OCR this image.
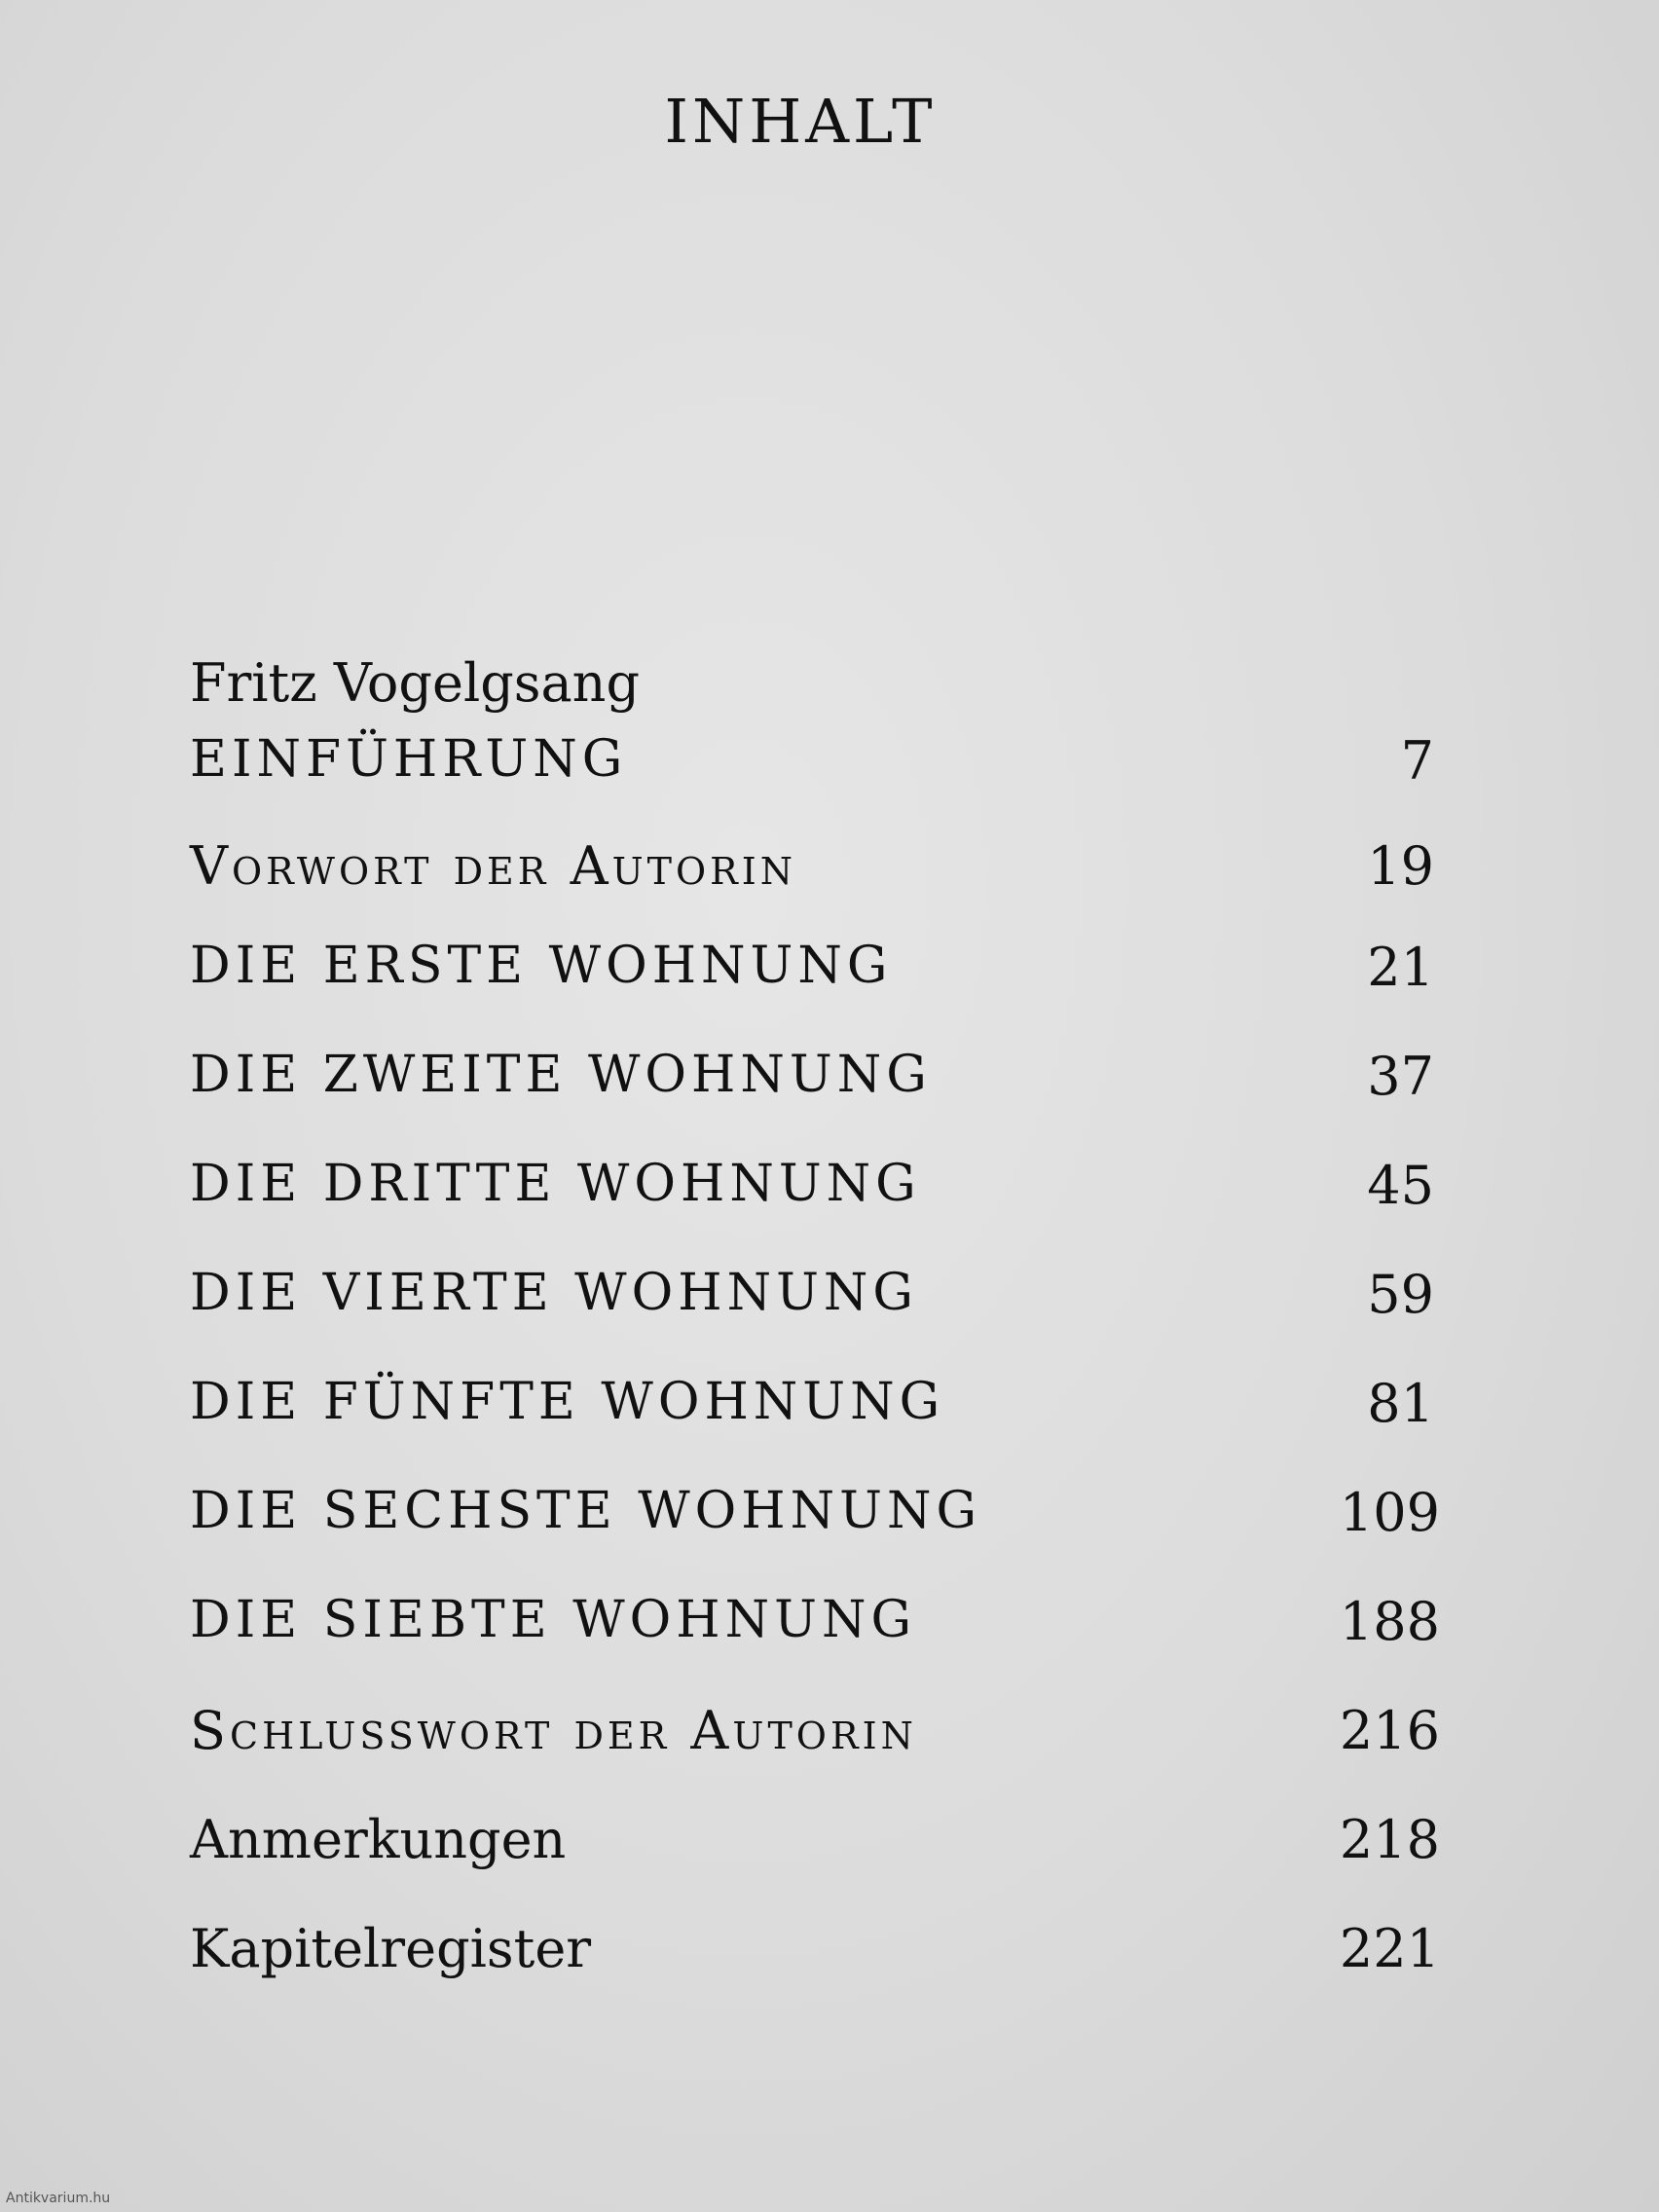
INHALT
Fritz Vogelgsang
EINFÜHRUNG	7
Vorwort der Autorin	19
DIE ERSTE WOHNUNG	21
DIE ZWEITE WOHNUNG	37
DIE DRITTE WOHNUNG	45
DIE VIERTE WOHNUNG	59
DIE FÜNFTE WOHNUNG	81
DIE SECHSTE WOHNUNG	109
DIE SIEBTE WOHNUNG	188
Schlusswort der Autorin	216
Anmerkungen	218
Kapitelregister	221
Antikvarium.hu
